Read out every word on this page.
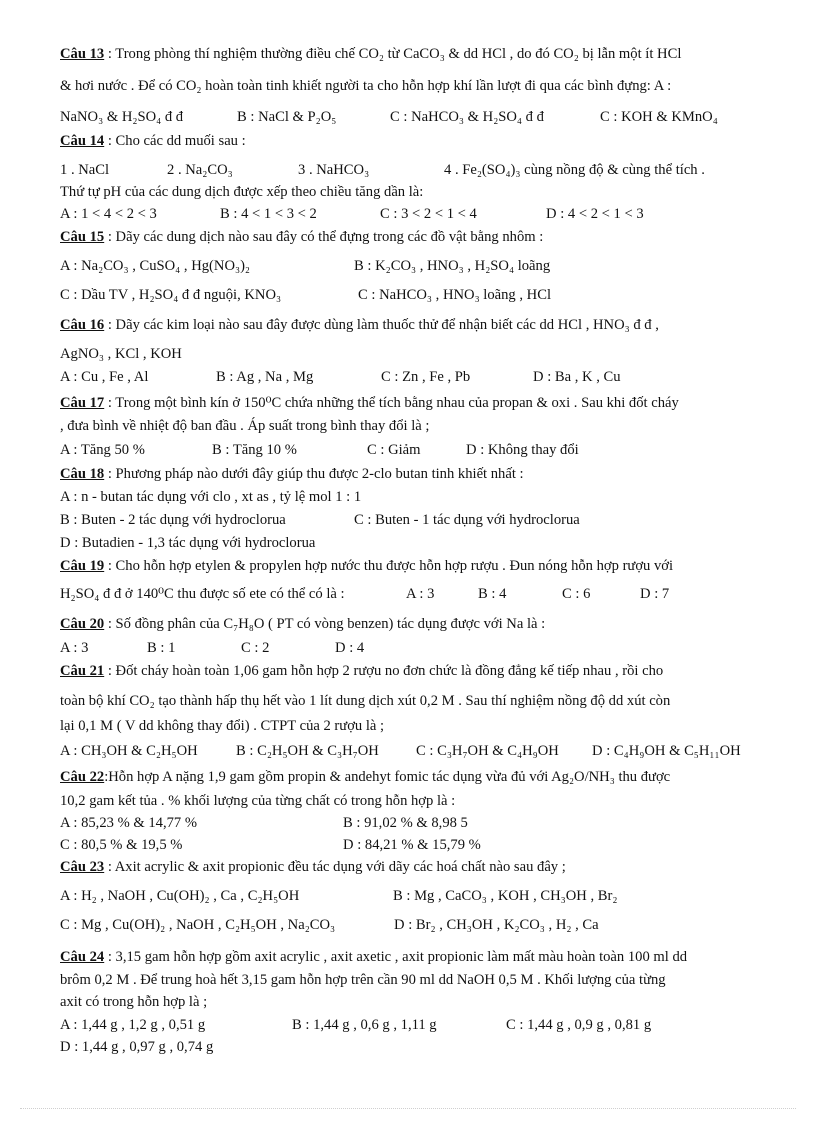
Câu 13 : Trong phòng thí nghiệm thường điều chế CO₂ từ CaCO₃ & dd HCl , do đó CO₂ bị lẫn một ít HCl

& hơi nước . Để có CO₂ hoàn toàn tinh khiết người ta cho hỗn hợp khí lần lượt đi qua các bình đựng: A :

NaNO₃ & H₂SO₄ đ đ	B : NaCl & P₂O₅	C : NaHCO₃ & H₂SO₄ đ đ	C : KOH & KMnO₄

Câu 14 : Cho các dd muối sau :

1 . NaCl	2 . Na₂CO₃	3 . NaHCO₃	4 . Fe₂(SO₄)₃ cùng nồng độ & cùng thể tích .

Thứ tự pH của các dung dịch được xếp theo chiều tăng dần là:

A : 1 < 4 < 2 < 3	B : 4 < 1 < 3 < 2	C : 3 < 2 < 1 < 4	D : 4 < 2 < 1 < 3

Câu 15 : Dãy các dung dịch nào sau đây có thể đựng trong các đồ vật bằng nhôm :

A : Na₂CO₃ , CuSO₄ , Hg(NO₃)₂	B : K₂CO₃ , HNO₃ , H₂SO₄ loãng
C : Dầu TV , H₂SO₄ đ đ nguội, KNO₃	C : NaHCO₃ , HNO₃ loãng , HCl

Câu 16 : Dãy các kim loại nào sau đây được dùng làm thuốc thử để nhận biết các dd HCl , HNO₃ đ đ ,

AgNO₃ , KCl , KOH

A : Cu , Fe , Al	B : Ag , Na , Mg	C : Zn , Fe , Pb	D : Ba , K , Cu

Câu 17 : Trong một bình kín ở 150⁰C chứa những thể tích bằng nhau của propan & oxi . Sau khi đốt cháy

, đưa bình về nhiệt độ ban đầu . Áp suất trong bình thay đổi là ;

A : Tăng 50 %	B : Tăng 10 %	C : Giảm	D : Không thay đổi

Câu 18 : Phương pháp nào dưới đây giúp thu được 2-clo butan tinh khiết nhất :

A : n - butan tác dụng với clo , xt as , tỷ lệ mol 1 : 1

B : Buten - 2 tác dụng với hydroclorua	C : Buten - 1 tác dụng với hydroclorua

D : Butadien - 1,3 tác dụng với hydroclorua

Câu 19 : Cho hỗn hợp etylen & propylen hợp nước thu được hỗn hợp rượu . Đun nóng hỗn hợp rượu với

H₂SO₄ đ đ ở 140⁰C thu được số ete có thể có là :	A : 3	B : 4	C : 6	D : 7

Câu 20 : Số đồng phân của C₇H₈O ( PT có vòng benzen) tác dụng được với Na là :

A : 3	B : 1	C : 2	D : 4

Câu 21 : Đốt cháy hoàn toàn 1,06 gam hỗn hợp 2 rượu no đơn chức là đồng đẳng kế tiếp nhau , rồi cho

toàn bộ khí CO₂ tạo thành hấp thụ hết vào 1 lít dung dịch xút 0,2 M . Sau thí nghiệm nồng độ dd xút còn

lại 0,1 M ( V dd không thay đổi) . CTPT của 2 rượu là ;

A : CH₃OH & C₂H₅OH	B : C₂H₅OH & C₃H₇OH	C : C₃H₇OH & C₄H₉OH	D : C₄H₉OH & C₅H₁₁OH

Câu 22:Hỗn hợp A nặng 1,9 gam gồm propin & andehyt fomic tác dụng vừa đủ với Ag₂O/NH₃ thu được

10,2 gam kết tủa . % khối lượng của từng chất có trong hỗn hợp là :

A : 85,23 % & 14,77 %	B : 91,02 % & 8,98 5
C : 80,5 % & 19,5 %	D : 84,21 % & 15,79 %

Câu 23 : Axit acrylic & axit propionic đều tác dụng với dãy các hoá chất nào sau đây ;

A : H₂ , NaOH , Cu(OH)₂ , Ca , C₂H₅OH	B : Mg , CaCO₃ , KOH , CH₃OH , Br₂
C : Mg , Cu(OH)₂ , NaOH , C₂H₅OH , Na₂CO₃	D : Br₂ , CH₃OH , K₂CO₃ , H₂ , Ca

Câu 24 : 3,15 gam hỗn hợp gồm axit acrylic , axit axetic , axit propionic làm mất màu hoàn toàn 100 ml dd

brôm 0,2 M . Để trung hoà hết 3,15 gam hỗn hợp trên cần 90 ml dd NaOH 0,5 M . Khối lượng của từng

axit có trong hỗn hợp là ;

A : 1,44 g , 1,2 g , 0,51 g	B : 1,44 g , 0,6 g , 1,11 g	C : 1,44 g , 0,9 g , 0,81 g

D : 1,44 g , 0,97 g , 0,74 g
